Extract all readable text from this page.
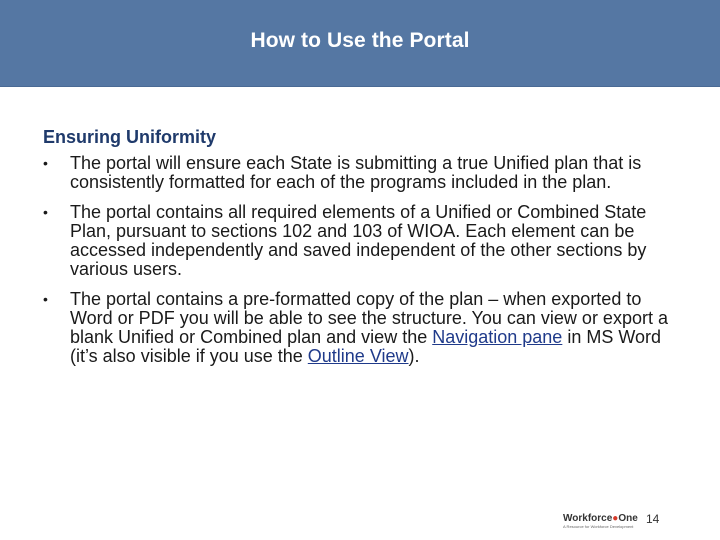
How to Use the Portal
Ensuring Uniformity
• The portal will ensure each State is submitting a true Unified plan that is consistently formatted for each of the programs included in the plan.
• The portal contains all required elements of a Unified or Combined State Plan, pursuant to sections 102 and 103 of WIOA. Each element can be accessed independently and saved independent of the other sections by various users.
• The portal contains a pre-formatted copy of the plan – when exported to Word or PDF you will be able to see the structure. You can view or export a blank Unified or Combined plan and view the Navigation pane in MS Word (it’s also visible if you use the Outline View).
Workforce●One
A Resource for Workforce Development
14
